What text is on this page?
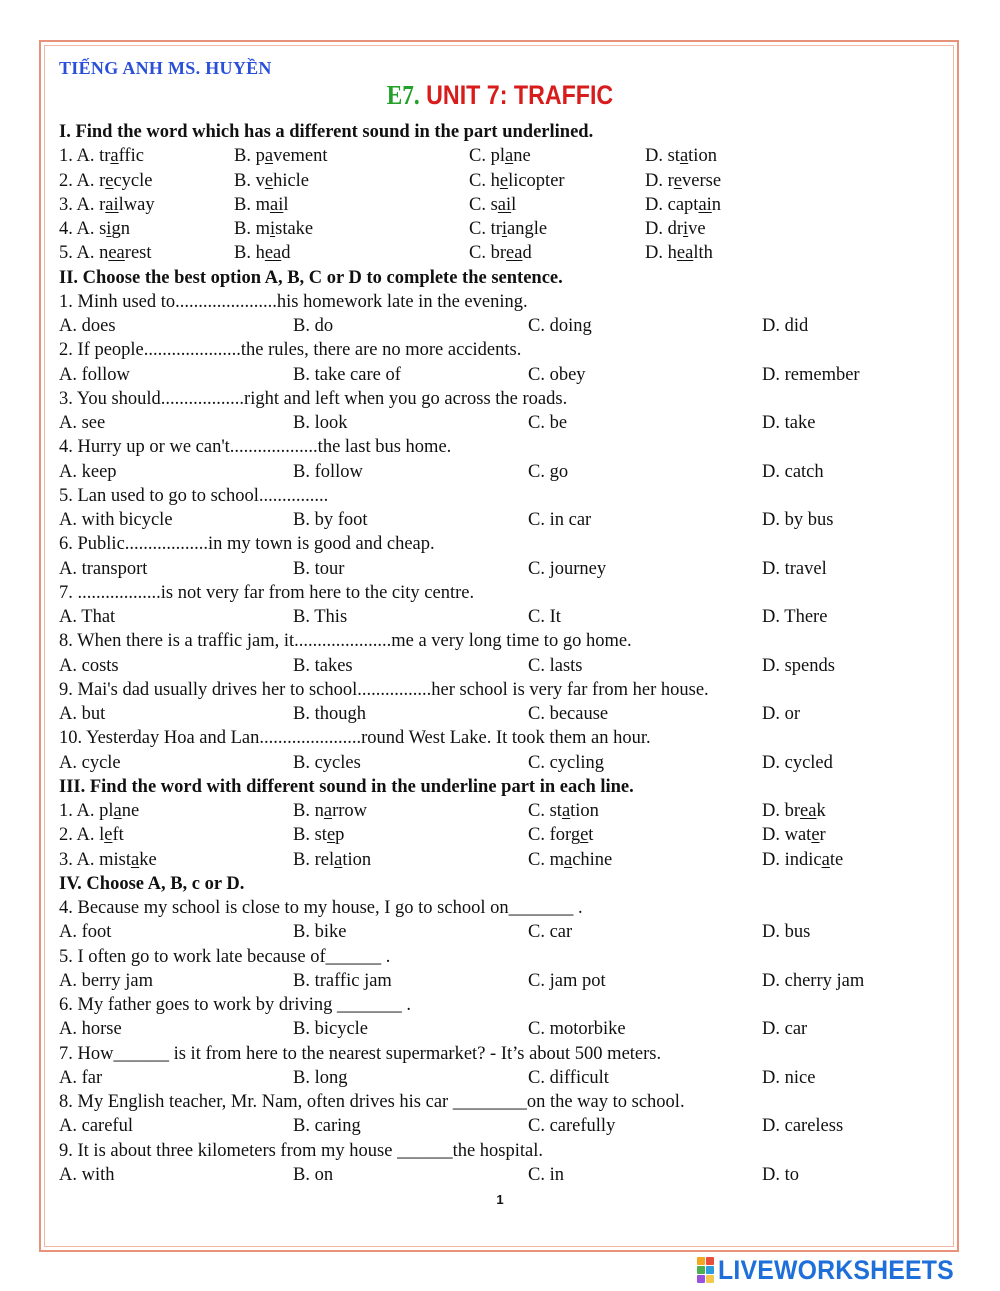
TIẾNG ANH MS. HUYỀN
E7. UNIT 7: TRAFFIC
I. Find the word which has a different sound in the part underlined.
1. A. traffic	B. pavement	C. plane	D. station
2. A. recycle	B. vehicle	C. helicopter	D. reverse
3. A. railway	B. mail	C. sail	D. captain
4. A. sign	B. mistake	C. triangle	D. drive
5. A. nearest	B. head	C. bread	D. health
II. Choose the best option A, B, C or D to complete the sentence.
1. Minh used to......................his homework late in the evening.
A. does	B. do	C. doing	D. did
2. If people.....................the rules, there are no more accidents.
A. follow	B. take care of	C. obey	D. remember
3. You should..................right and left when you go across the roads.
A. see	B. look	C. be	D. take
4. Hurry up or we can't...................the last bus home.
A. keep	B. follow	C. go	D. catch
5. Lan used to go to school...............
A. with bicycle	B. by foot	C. in car	D. by bus
6. Public..................in my town is good and cheap.
A. transport	B. tour	C. journey	D. travel
7. ..................is not very far from here to the city centre.
A. That	B. This	C. It	D. There
8. When there is a traffic jam, it.....................me a very long time to go home.
A. costs	B. takes	C. lasts	D. spends
9. Mai's dad usually drives her to school................her school is very far from her house.
A. but	B. though	C. because	D. or
10. Yesterday Hoa and Lan......................round West Lake. It took them an hour.
A. cycle	B. cycles	C. cycling	D. cycled
III. Find the word with different sound in the underline part in each line.
1. A. plane	B. narrow	C. station	D. break
2. A. left	B. step	C. forget	D. water
3. A. mistake	B. relation	C. machine	D. indicate
IV. Choose A, B, c or D.
4. Because my school is close to my house, I go to school on_______ .
A. foot	B. bike	C. car	D. bus
5. I often go to work late because of______ .
A. berry jam	B. traffic jam	C. jam pot	D. cherry jam
6. My father goes to work by driving _______ .
A. horse	B. bicycle	C. motorbike	D. car
7. How______ is it from here to the nearest supermarket? - It’s about 500 meters.
A. far	B. long	C. difficult	D. nice
8. My English teacher, Mr. Nam, often drives his car ________on the way to school.
A. careful	B. caring	C. carefully	D. careless
9. It is about three kilometers from my house ______the hospital.
A. with	B. on	C. in	D. to
1
LIVEWORKSHEETS
